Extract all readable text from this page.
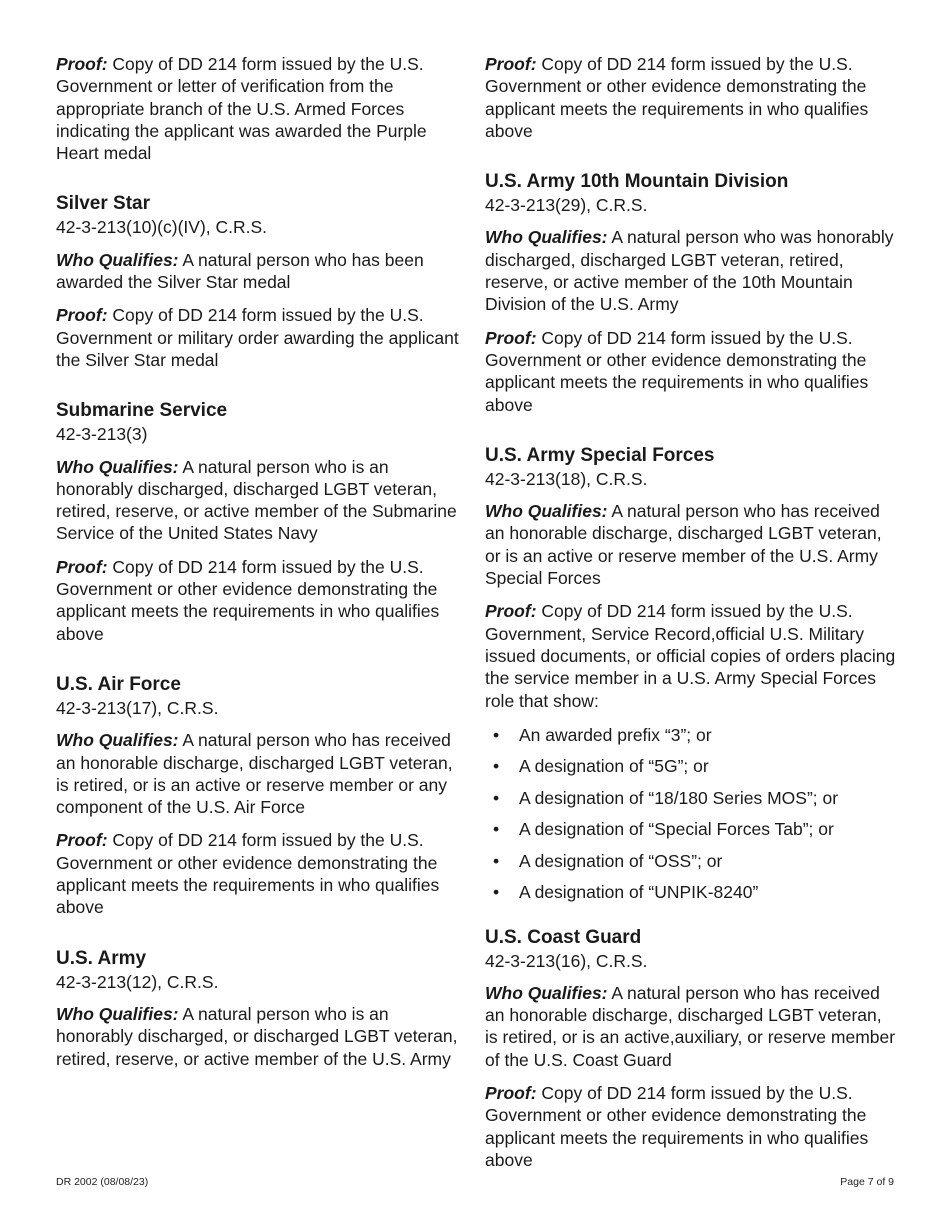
Proof: Copy of DD 214 form issued by the U.S. Government or letter of verification from the appropriate branch of the U.S. Armed Forces indicating the applicant was awarded the Purple Heart medal

Silver Star

42-3-213(10)(c)(IV), C.R.S.

Who Qualifies: A natural person who has been awarded the Silver Star medal

Proof: Copy of DD 214 form issued by the U.S. Government or military order awarding the applicant the Silver Star medal

Submarine Service

42-3-213(3)

Who Qualifies: A natural person who is an honorably discharged, discharged LGBT veteran, retired, reserve, or active member of the Submarine Service of the United States Navy

Proof: Copy of DD 214 form issued by the U.S. Government or other evidence demonstrating the applicant meets the requirements in who qualifies above

U.S. Air Force

42-3-213(17), C.R.S.

Who Qualifies: A natural person who has received an honorable discharge, discharged LGBT veteran, is retired, or is an active or reserve member or any component of the U.S. Air Force

Proof: Copy of DD 214 form issued by the U.S. Government or other evidence demonstrating the applicant meets the requirements in who qualifies above

U.S. Army

42-3-213(12), C.R.S.

Who Qualifies: A natural person who is an honorably discharged, or discharged LGBT veteran, retired, reserve, or active member of the U.S. Army

Proof: Copy of DD 214 form issued by the U.S. Government or other evidence demonstrating the applicant meets the requirements in who qualifies above

U.S. Army 10th Mountain Division

42-3-213(29), C.R.S.

Who Qualifies: A natural person who was honorably discharged, discharged LGBT veteran, retired, reserve, or active member of the 10th Mountain Division of the U.S. Army

Proof: Copy of DD 214 form issued by the U.S. Government or other evidence demonstrating the applicant meets the requirements in who qualifies above

U.S. Army Special Forces

42-3-213(18), C.R.S.

Who Qualifies: A natural person who has received an honorable discharge, discharged LGBT veteran, or is an active or reserve member of the U.S. Army Special Forces

Proof: Copy of DD 214 form issued by the U.S. Government, Service Record,official U.S. Military issued documents, or official copies of orders placing the service member in a U.S. Army Special Forces role that show:

• An awarded prefix “3”; or
• A designation of “5G”; or
• A designation of “18/180 Series MOS”; or
• A designation of “Special Forces Tab”; or
• A designation of “OSS”; or
• A designation of “UNPIK-8240”

U.S. Coast Guard

42-3-213(16), C.R.S.

Who Qualifies: A natural person who has received an honorable discharge, discharged LGBT veteran, is retired, or is an active,auxiliary, or reserve member of the U.S. Coast Guard

Proof: Copy of DD 214 form issued by the U.S. Government or other evidence demonstrating the applicant meets the requirements in who qualifies above

DR 2002 (08/08/23)	Page 7 of 9
